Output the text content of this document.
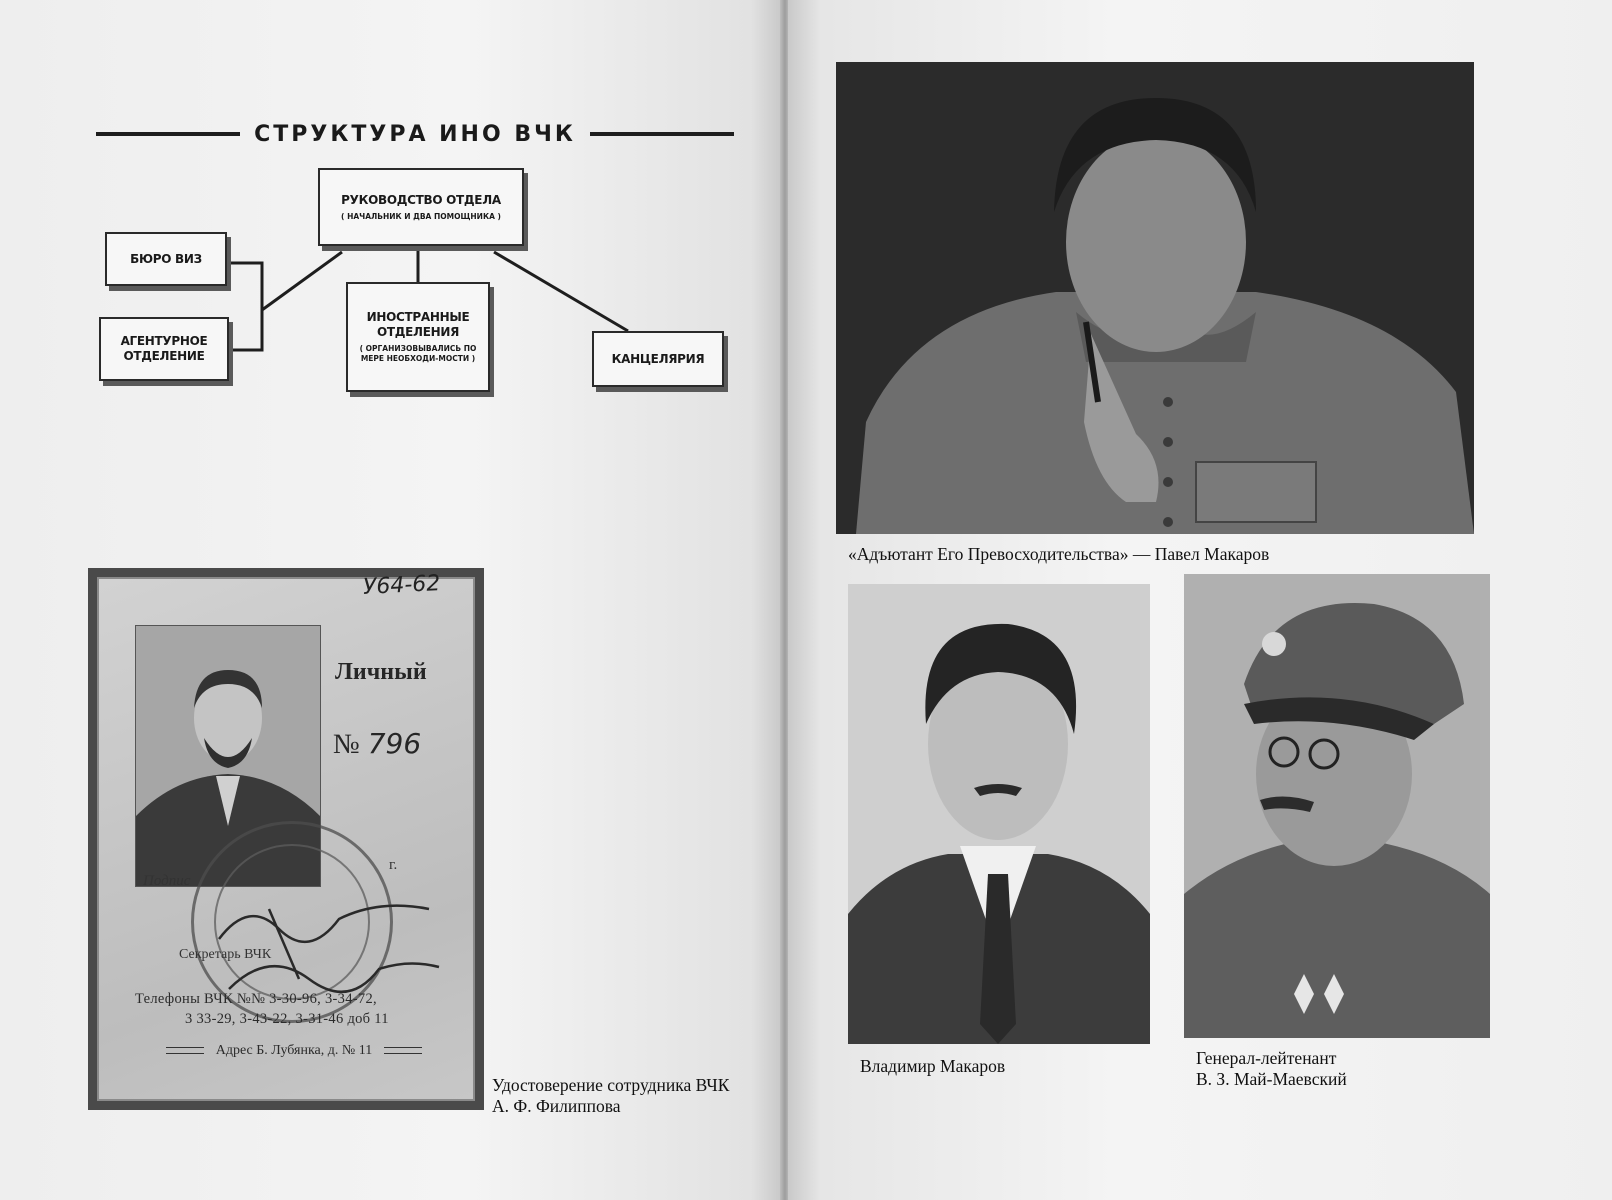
СТРУКТУРА ИНО ВЧК
РУКОВОДСТВО ОТДЕЛА
( НАЧАЛЬНИК И ДВА ПОМОЩНИКА )
БЮРО ВИЗ
АГЕНТУРНОЕ ОТДЕЛЕНИЕ
ИНОСТРАННЫЕ ОТДЕЛЕНИЯ
( ОРГАНИЗОВЫВАЛИСЬ ПО МЕРЕ НЕОБХОДИ-МОСТИ )	КАНЦЕЛЯРИЯ
У64-62
Личный
№ 796
Подпис
г.
Секретарь ВЧК
Телефоны ВЧК №№ 3-30-96, 3-34-72,
3 33-29, 3-43-22, 3-31-46 доб 11
Адрес Б. Лубянка, д. № 11
Удостоверение сотрудника ВЧК А. Ф. Филиппова
«Адъютант Его Превосходительства» — Павел Макаров
Владимир Макаров	Генерал-лейтенант
В. З. Май-Маевский
